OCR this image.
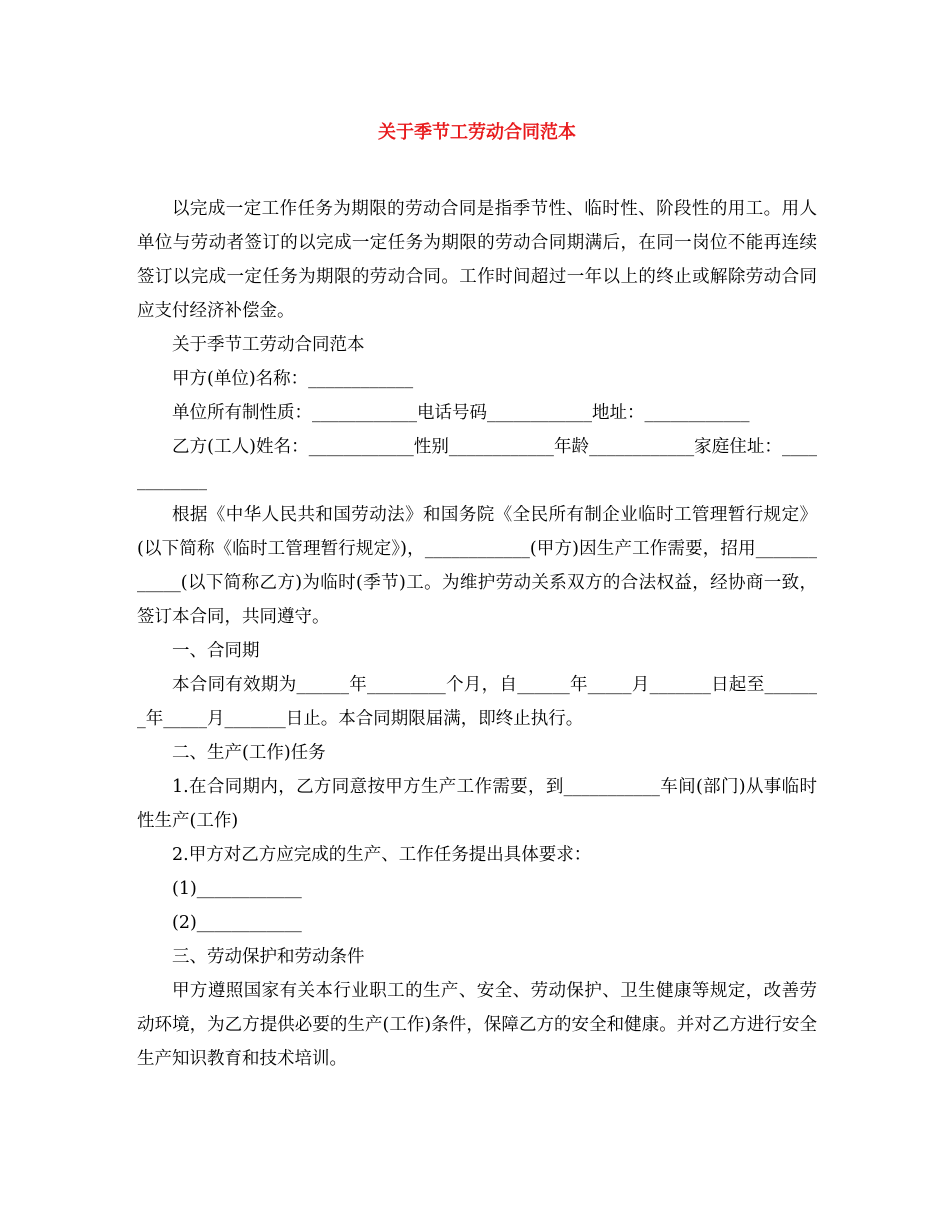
关于季节工劳动合同范本

以完成一定工作任务为期限的劳动合同是指季节性、临时性、阶段性的用工。用人单位与劳动者签订的以完成一定任务为期限的劳动合同期满后，在同一岗位不能再连续签订以完成一定任务为期限的劳动合同。工作时间超过一年以上的终止或解除劳动合同应支付经济补偿金。

关于季节工劳动合同范本

甲方(单位)名称：____________

单位所有制性质：____________电话号码____________地址：____________

乙方(工人)姓名：____________性别____________年龄____________家庭住址：____________

根据《中华人民共和国劳动法》和国务院《全民所有制企业临时工管理暂行规定》(以下简称《临时工管理暂行规定》)，____________(甲方)因生产工作需要，招用____________(以下简称乙方)为临时(季节)工。为维护劳动关系双方的合法权益，经协商一致，签订本合同，共同遵守。

一、合同期

本合同有效期为______年_________个月，自______年_____月_______日起至_______年_____月_______日止。本合同期限届满，即终止执行。

二、生产(工作)任务

1.在合同期内，乙方同意按甲方生产工作需要，到___________车间(部门)从事临时性生产(工作)

2.甲方对乙方应完成的生产、工作任务提出具体要求：

(1)____________

(2)____________

三、劳动保护和劳动条件

甲方遵照国家有关本行业职工的生产、安全、劳动保护、卫生健康等规定，改善劳动环境，为乙方提供必要的生产(工作)条件，保障乙方的安全和健康。并对乙方进行安全生产知识教育和技术培训。
